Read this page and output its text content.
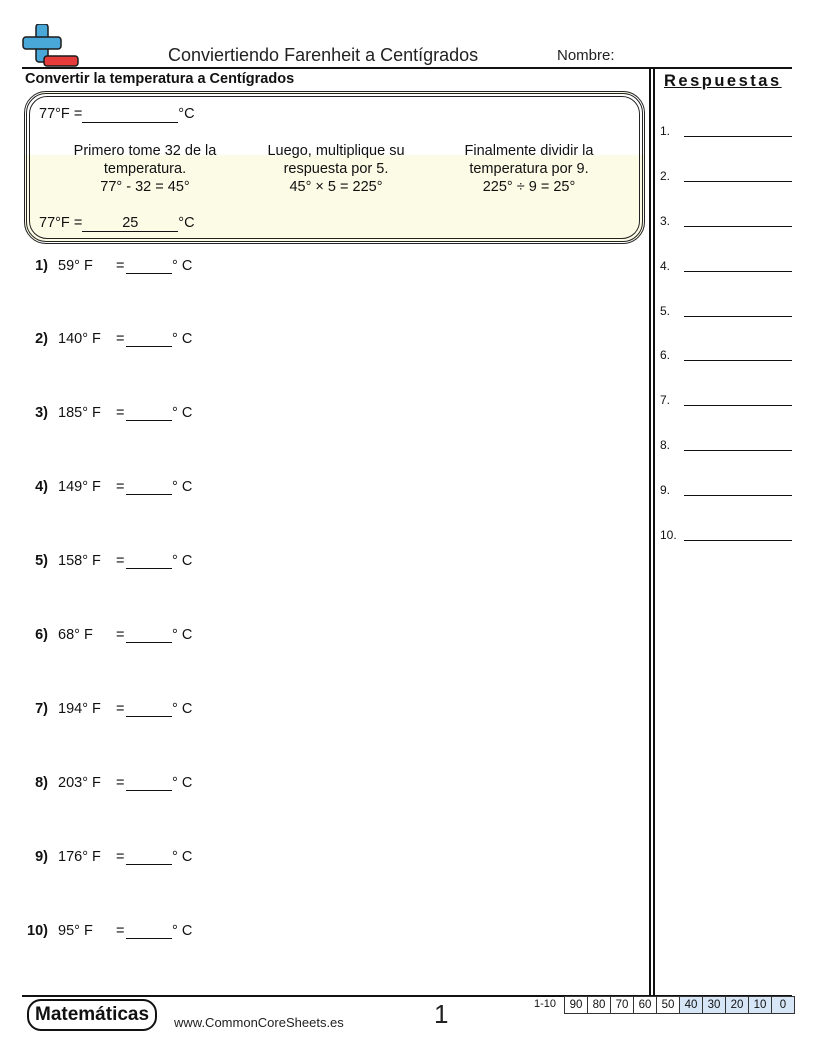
Conviertiendo Farenheit a Centígrados	Nombre:
Convertir la temperatura a Centígrados
77°F =	°C
Primero tome 32 de la
temperatura.
77° - 32 = 45°
Luego, multiplique su
respuesta por 5.
45° × 5 = 225°
Finalmente dividir la
temperatura por 9.
225° ÷ 9 = 25°
77°F =	25	°C
1) 59° F =	° C
2) 140° F =	° C
3) 185° F =	° C
4) 149° F =	° C
5) 158° F =	° C
6) 68° F =	° C
7) 194° F =	° C
8) 203° F =	° C
9) 176° F =	° C
10) 95° F =	° C
Respuestas
1.
2.
3.
4.
5.
6.
7.
8.
9.
10.
Matemáticas	www.CommonCoreSheets.es	1	1-10 90	80	70	60	50	40	30	20	10	0
